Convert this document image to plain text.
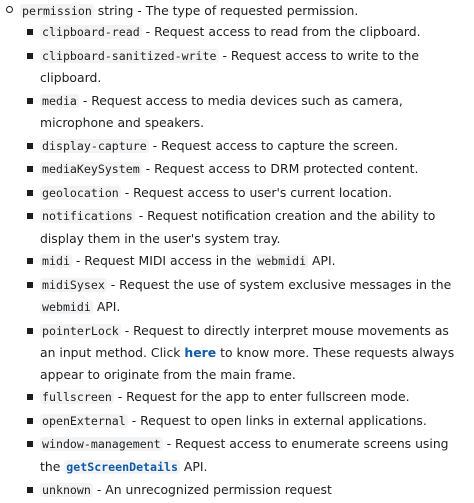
permission string - The type of requested permission.
clipboard-read - Request access to read from the clipboard.
clipboard-sanitized-write - Request access to write to the clipboard.
media - Request access to media devices such as camera, microphone and speakers.
display-capture - Request access to capture the screen.
mediaKeySystem - Request access to DRM protected content.
geolocation - Request access to user's current location.
notifications - Request notification creation and the ability to display them in the user's system tray.
midi - Request MIDI access in the webmidi API.
midiSysex - Request the use of system exclusive messages in the webmidi API.
pointerLock - Request to directly interpret mouse movements as an input method. Click here to know more. These requests always appear to originate from the main frame.
fullscreen - Request for the app to enter fullscreen mode.
openExternal - Request to open links in external applications.
window-management - Request access to enumerate screens using the getScreenDetails API.
unknown - An unrecognized permission request
